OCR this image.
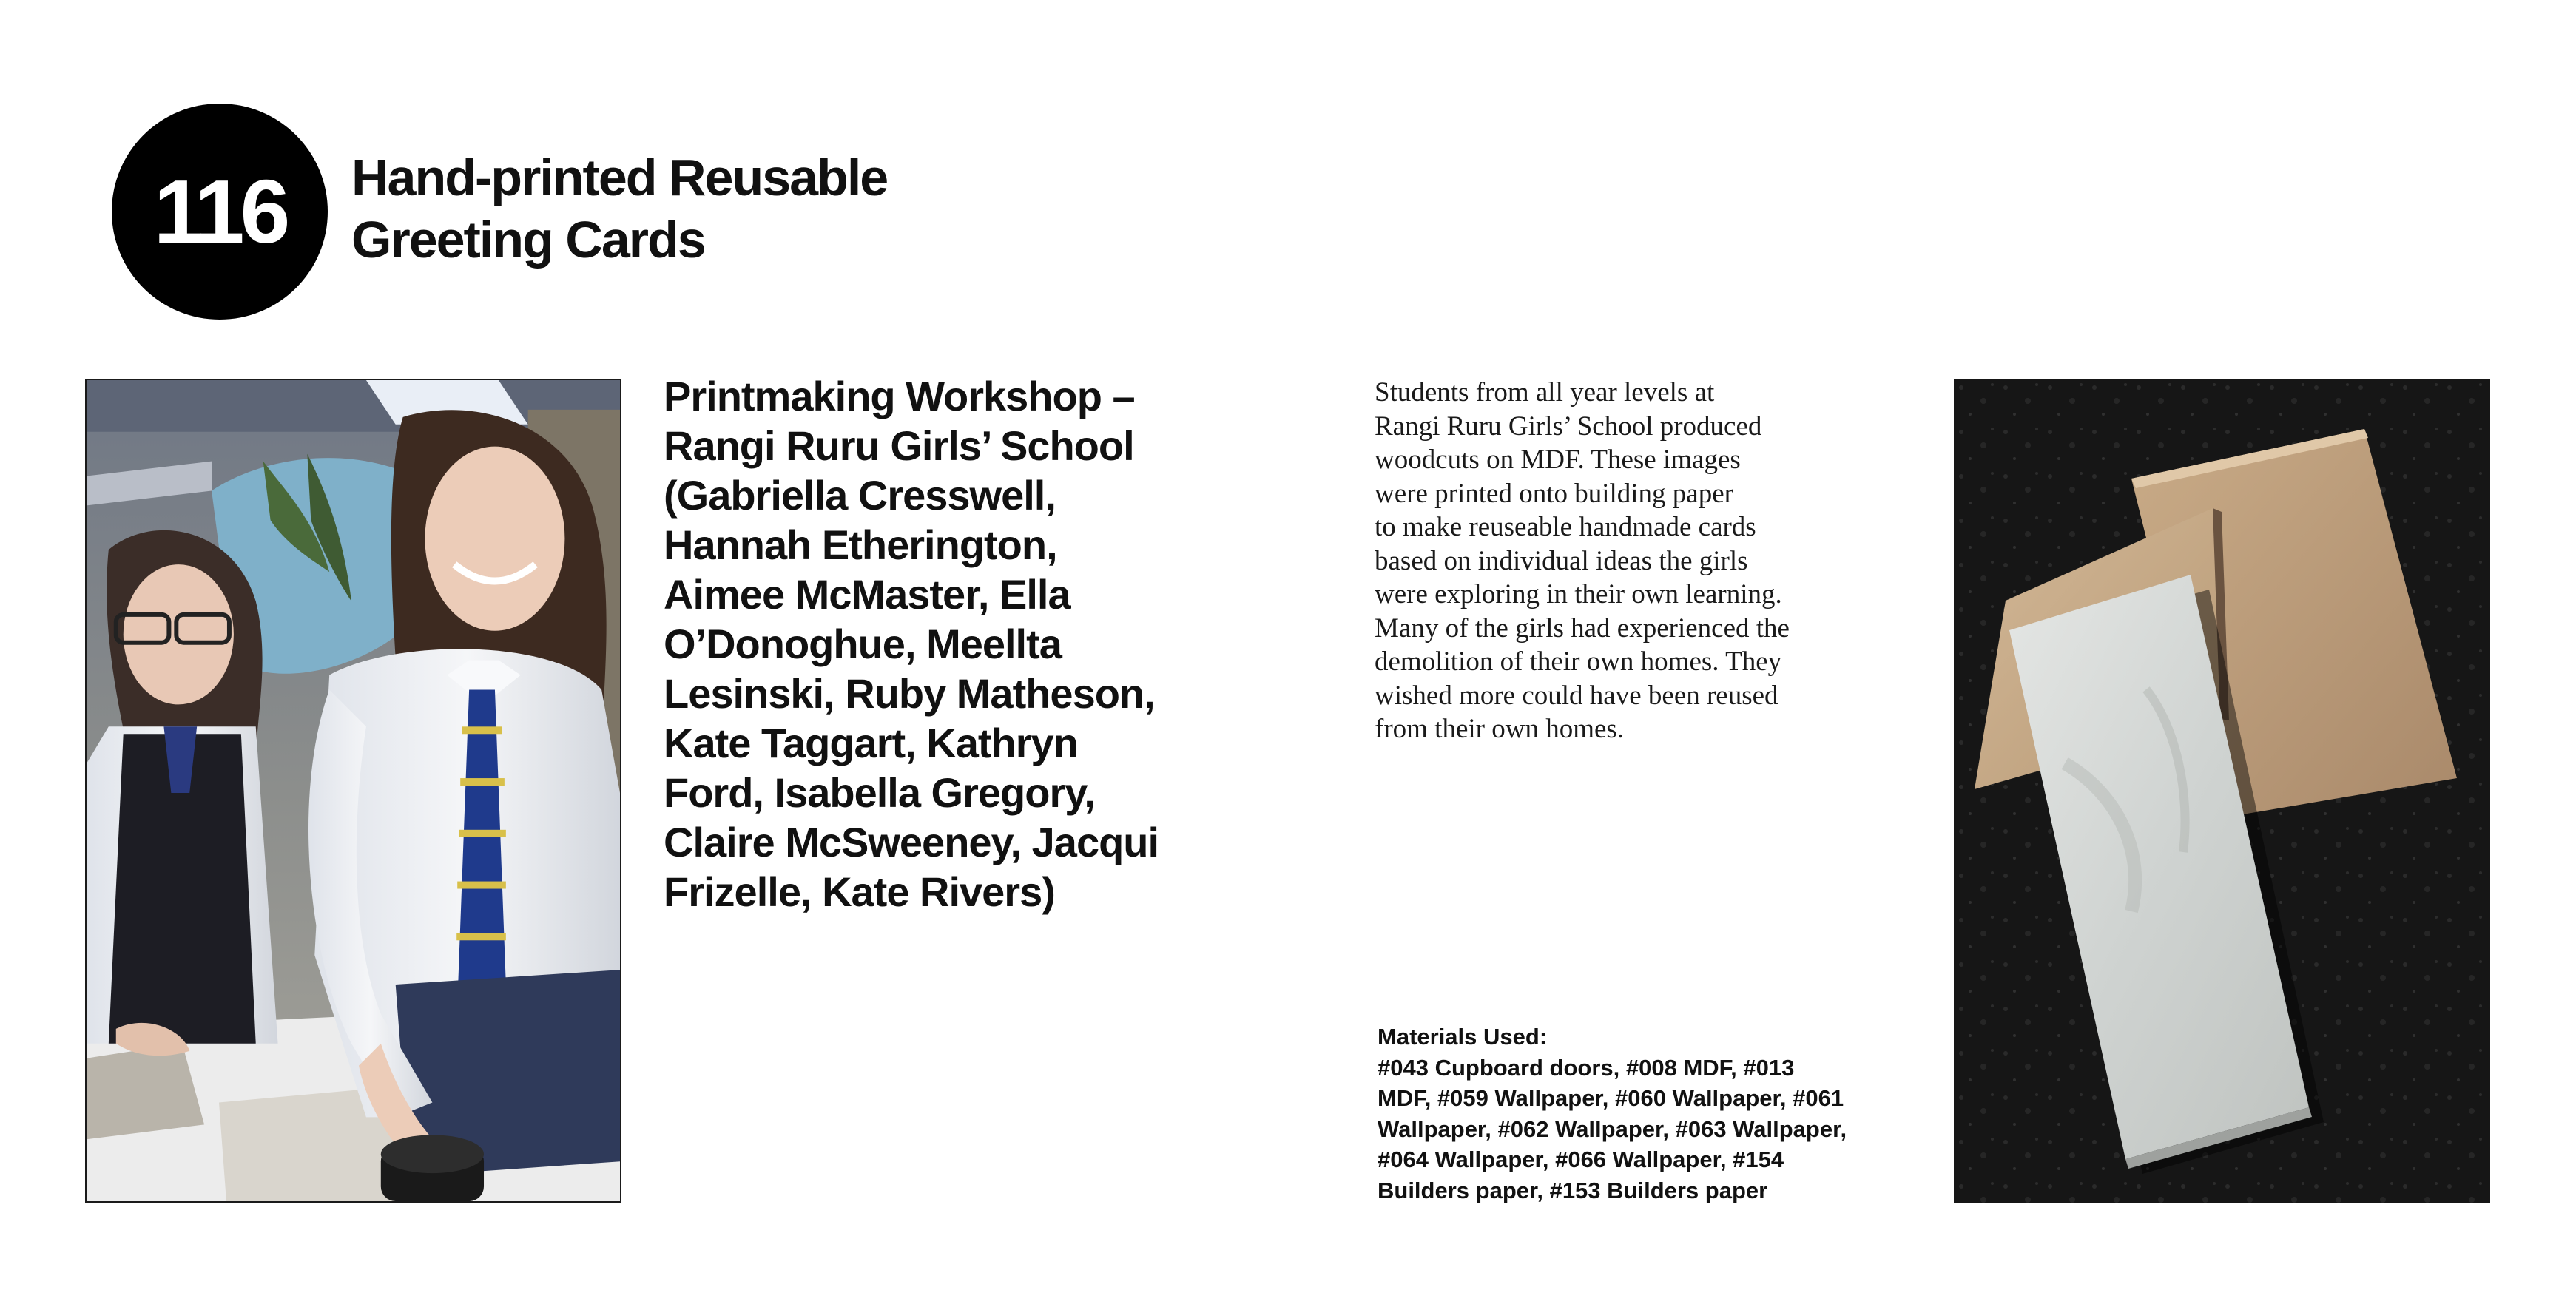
116 Hand-printed Reusable
Greeting Cards
Printmaking Workshop –
Rangi Ruru Girls’ School
(Gabriella Cresswell,
Hannah Etherington,
Aimee McMaster, Ella
O’Donoghue, Meellta
Lesinski, Ruby Matheson,
Kate Taggart, Kathryn
Ford, Isabella Gregory,
Claire McSweeney, Jacqui
Frizelle, Kate Rivers)
Students from all year levels at
Rangi Ruru Girls’ School produced
woodcuts on MDF. These images
were printed onto building paper
to make reuseable handmade cards
based on individual ideas the girls
were exploring in their own learning.
Many of the girls had experienced the
demolition of their own homes. They
wished more could have been reused
from their own homes.
Materials Used:
#043 Cupboard doors, #008 MDF, #013
MDF, #059 Wallpaper, #060 Wallpaper, #061
Wallpaper, #062 Wallpaper, #063 Wallpaper,
#064 Wallpaper, #066 Wallpaper, #154
Builders paper, #153 Builders paper
